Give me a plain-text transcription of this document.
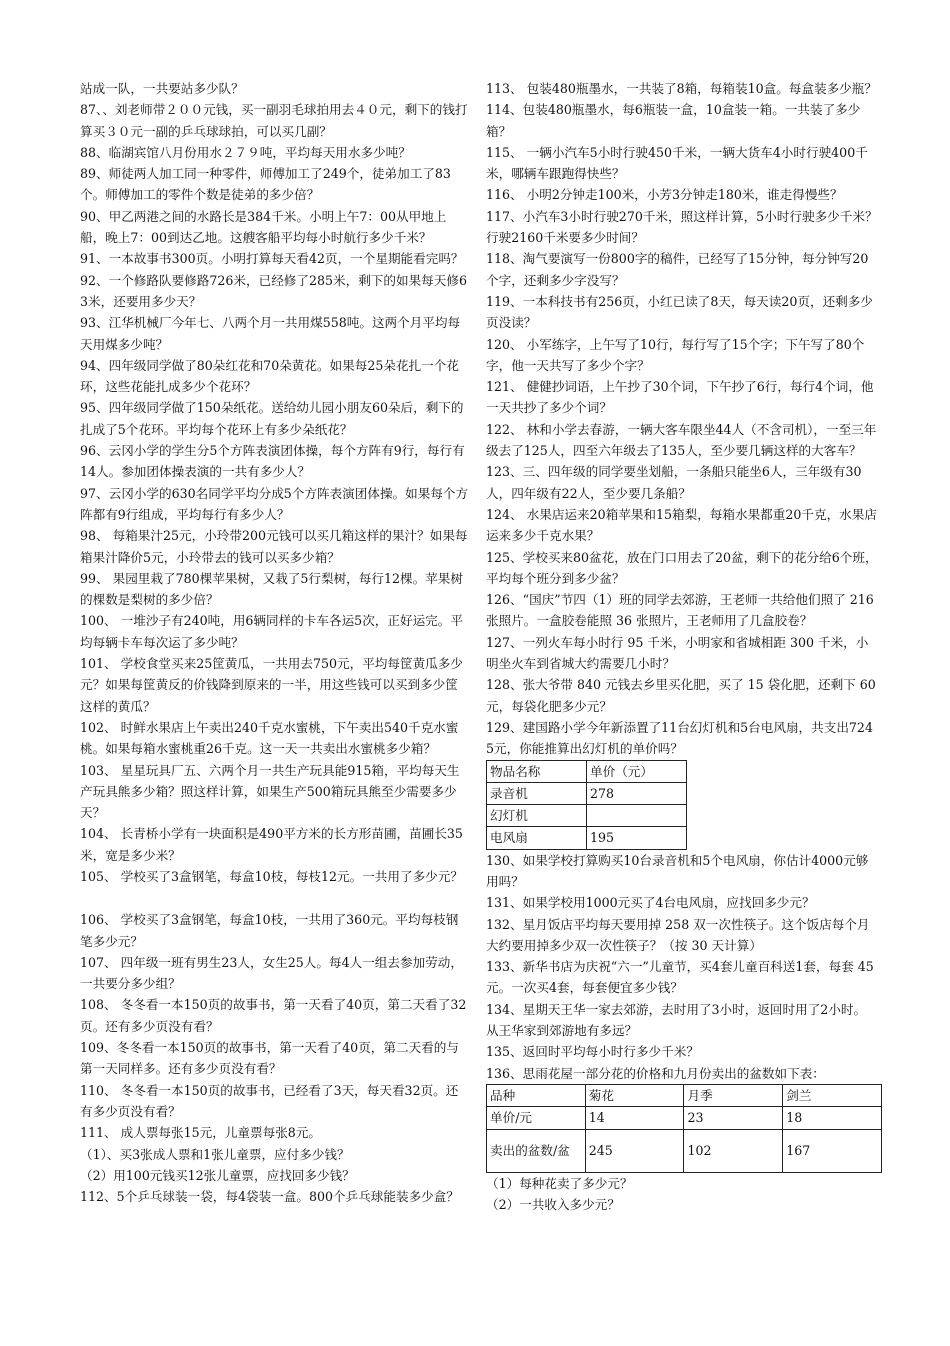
站成一队，一共要站多少队？

87、、刘老师带２００元钱，买一副羽毛球拍用去４０元，剩下的钱打算买３０元一副的乒乓球球拍，可以买几副？

88、临湖宾馆八月份用水２７９吨，平均每天用水多少吨？

89、师徒两人加工同一种零件，师傅加工了249个，徒弟加工了83个。师傅加工的零件个数是徒弟的多少倍？

90、甲乙两港之间的水路长是384千米。小明上午7：00从甲地上船，晚上7：00到达乙地。这艘客船平均每小时航行多少千米？

91、一本故事书300页。小明打算每天看42页，一个星期能看完吗？

92、一个修路队要修路726米，已经修了285米，剩下的如果每天修63米，还要用多少天？

93、江华机械厂今年七、八两个月一共用煤558吨。这两个月平均每天用煤多少吨？

94、四年级同学做了80朵红花和70朵黄花。如果每25朵花扎一个花环，这些花能扎成多少个花环？

95、四年级同学做了150朵纸花。送给幼儿园小朋友60朵后，剩下的扎成了5个花环。平均每个花环上有多少朵纸花？

96、云冈小学的学生分5个方阵表演团体操，每个方阵有9行，每行有14人。参加团体操表演的一共有多少人？

97、云冈小学的630名同学平均分成5个方阵表演团体操。如果每个方阵都有9行组成，平均每行有多少人？

98、 每箱果汁25元，小玲带200元钱可以买几箱这样的果汁？如果每箱果汁降价5元，小玲带去的钱可以买多少箱？

99、 果园里栽了780棵苹果树，又栽了5行梨树，每行12棵。苹果树的棵数是梨树的多少倍？

100、 一堆沙子有240吨，用6辆同样的卡车各运5次，正好运完。平均每辆卡车每次运了多少吨？

101、 学校食堂买来25筐黄瓜，一共用去750元，平均每筐黄瓜多少元？如果每筐黄反的价钱降到原来的一半，用这些钱可以买到多少筐这样的黄瓜？

102、 时鲜水果店上午卖出240千克水蜜桃，下午卖出540千克水蜜桃。如果每箱水蜜桃重26千克。这一天一共卖出水蜜桃多少箱？

103、 星星玩具厂五、六两个月一共生产玩具能915箱，平均每天生产玩具熊多少箱？照这样计算，如果生产500箱玩具熊至少需要多少天？

104、 长青桥小学有一块面积是490平方米的长方形苗圃，苗圃长35米，宽是多少米？

105、 学校买了3盒钢笔，每盒10枝，每枝12元。一共用了多少元？

106、 学校买了3盒钢笔，每盒10枝，一共用了360元。平均每枝钢笔多少元？

107、 四年级一班有男生23人，女生25人。每4人一组去参加劳动，一共要分多少组？

108、 冬冬看一本150页的故事书，第一天看了40页，第二天看了32页。还有多少页没有看？

109、冬冬看一本150页的故事书，第一天看了40页，第二天看的与第一天同样多。还有多少页没有看？

110、 冬冬看一本150页的故事书，已经看了3天，每天看32页。还有多少页没有看？

111、 成人票每张15元，儿童票每张8元。

（1）、买3张成人票和1张儿童票，应付多少钱？

（2）用100元钱买12张儿童票，应找回多少钱？

112、5个乒乓球装一袋，每4袋装一盒。800个乒乓球能装多少盒？

113、 包装480瓶墨水，一共装了8箱，每箱装10盒。每盒装多少瓶？

114、包装480瓶墨水，每6瓶装一盒，10盒装一箱。一共装了多少箱？

115、 一辆小汽车5小时行驶450千米，一辆大货车4小时行驶400千米，哪辆车跟跑得快些？

116、 小明2分钟走100米，小芳3分钟走180米，谁走得慢些？

117、小汽车3小时行驶270千米，照这样计算，5小时行驶多少千米？行驶2160千米要多少时间？

118、淘气要演写一份800字的稿件，已经写了15分钟，每分钟写20个字，还剩多少字没写？

119、一本科技书有256页，小红已读了8天，每天读20页，还剩多少页没读？

120、 小军练字，上午写了10行，每行写了15个字；下午写了80个字，他一天共写了多少个字？

121、 健健抄词语，上午抄了30个词，下午抄了6行，每行4个词，他一天共抄了多少个词？

122、 林和小学去春游，一辆大客车限坐44人（不含司机），一至三年级去了125人，四至六年级去了135人，至少要几辆这样的大客车？

123、三、四年级的同学要坐划船，一条船只能坐6人，三年级有30人，四年级有22人，至少要几条船？

124、 水果店运来20箱苹果和15箱梨，每箱水果都重20千克，水果店运来多少千克水果？

125、学校买来80盆花，放在门口用去了20盆，剩下的花分给6个班，平均每个班分到多少盆？

126、“国庆”节四（1）班的同学去郊游，王老师一共给他们照了 216 张照片。一盒胶卷能照 36 张照片，王老师用了几盒胶卷？

127、一列火车每小时行 95 千米，小明家和省城相距 300 千米，小明坐火车到省城大约需要几小时？

128、张大爷带 840 元钱去乡里买化肥，买了 15 袋化肥，还剩下 60 元，每袋化肥多少元？

129、建国路小学今年新添置了11台幻灯机和5台电风扇，共支出7245元，你能推算出幻灯机的单价吗？

物品名称	单价（元）
录音机	278
幻灯机	
电风扇	195

130、如果学校打算购买10台录音机和5个电风扇，你估计4000元够用吗？

131、如果学校用1000元买了4台电风扇，应找回多少元？

132、星月饭店平均每天要用掉 258 双一次性筷子。这个饭店每个月大约要用掉多少双一次性筷子？（按 30 天计算）

133、新华书店为庆祝“六一”儿童节，买4套儿童百科送1套，每套 45 元。一次买4套，每套便宜多少钱？

134、星期天王华一家去郊游，去时用了3小时，返回时用了2小时。从王华家到郊游地有多远？

135、返回时平均每小时行多少千米？

136、思雨花屋一部分花的价格和九月份卖出的盆数如下表：

品种	菊花	月季	剑兰
单价/元	14	23	18
卖出的盆数/盆	245	102	167

（1）每种花卖了多少元？

（2）一共收入多少元？
